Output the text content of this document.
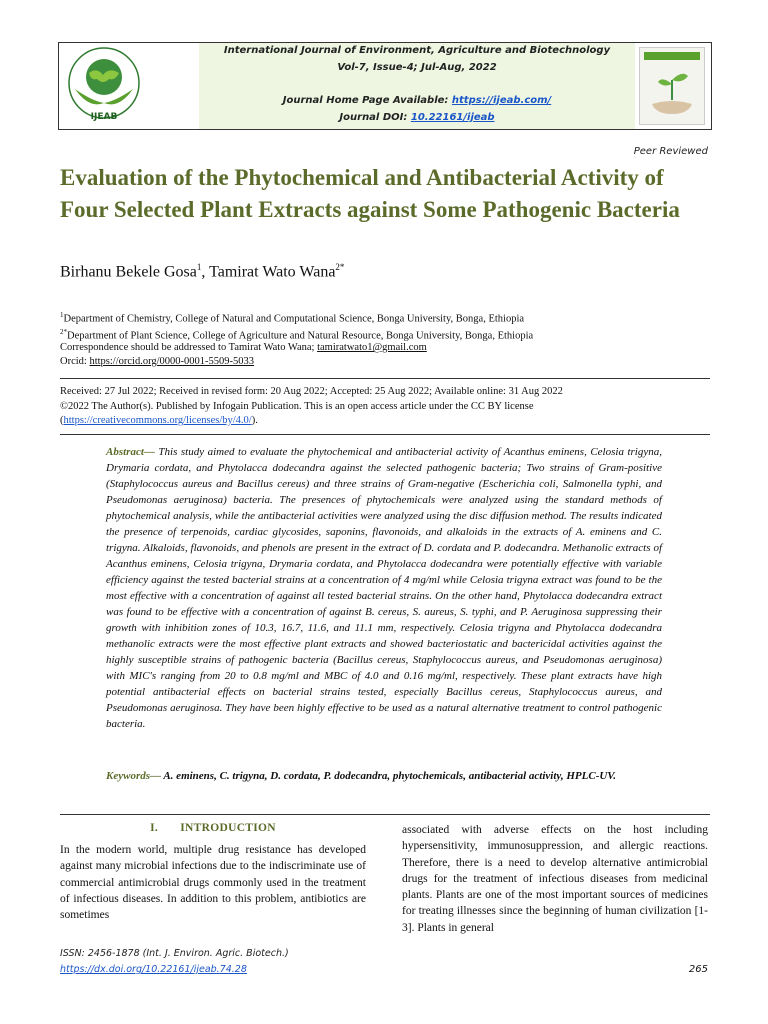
IJEAB
International Journal of Environment, Agriculture and Biotechnology
Vol-7, Issue-4; Jul-Aug, 2022
Journal Home Page Available: https://ijeab.com/
Journal DOI: 10.22161/ijeab
Peer Reviewed
Evaluation of the Phytochemical and Antibacterial Activity of Four Selected Plant Extracts against Some Pathogenic Bacteria
Birhanu Bekele Gosa$^1$, Tamirat Wato Wana$^{2*}$
$^1$Department of Chemistry, College of Natural and Computational Science, Bonga University, Bonga, Ethiopia
$^{2*}$Department of Plant Science, College of Agriculture and Natural Resource, Bonga University, Bonga, Ethiopia
Correspondence should be addressed to Tamirat Wato Wana; tamiratwato1@gmail.com
Orcid: https://orcid.org/0000-0001-5509-5033
Received: 27 Jul 2022; Received in revised form: 20 Aug 2022; Accepted: 25 Aug 2022; Available online: 31 Aug 2022
©2022 The Author(s). Published by Infogain Publication. This is an open access article under the CC BY license
(https://creativecommons.org/licenses/by/4.0/).
Abstract— This study aimed to evaluate the phytochemical and antibacterial activity of Acanthus eminens, Celosia trigyna, Drymaria cordata, and Phytolacca dodecandra against the selected pathogenic bacteria; Two strains of Gram-positive (Staphylococcus aureus and Bacillus cereus) and three strains of Gram-negative (Escherichia coli, Salmonella typhi, and Pseudomonas aeruginosa) bacteria. The presences of phytochemicals were analyzed using the standard methods of phytochemical analysis, while the antibacterial activities were analyzed using the disc diffusion method. The results indicated the presence of terpenoids, cardiac glycosides, saponins, flavonoids, and alkaloids in the extracts of A. eminens and C. trigyna. Alkaloids, flavonoids, and phenols are present in the extract of D. cordata and P. dodecandra. Methanolic extracts of Acanthus eminens, Celosia trigyna, Drymaria cordata, and Phytolacca dodecandra were potentially effective with variable efficiency against the tested bacterial strains at a concentration of 4 mg/ml while Celosia trigyna extract was found to be the most effective with a concentration of against all tested bacterial strains. On the other hand, Phytolacca dodecandra extract was found to be effective with a concentration of against B. cereus, S. aureus, S. typhi, and P. Aeruginosa suppressing their growth with inhibition zones of 10.3, 16.7, 11.6, and 11.1 mm, respectively. Celosia trigyna and Phytolacca dodecandra methanolic extracts were the most effective plant extracts and showed bacteriostatic and bactericidal activities against the highly susceptible strains of pathogenic bacteria (Bacillus cereus, Staphylococcus aureus, and Pseudomonas aeruginosa) with MIC's ranging from 20 to 0.8 mg/ml and MBC of 4.0 and 0.16 mg/ml, respectively. These plant extracts have high potential antibacterial effects on bacterial strains tested, especially Bacillus cereus, Staphylococcus aureus, and Pseudomonas aeruginosa. They have been highly effective to be used as a natural alternative treatment to control pathogenic bacteria.
Keywords— A. eminens, C. trigyna, D. cordata, P. dodecandra, phytochemicals, antibacterial activity, HPLC-UV.
I. INTRODUCTION
In the modern world, multiple drug resistance has developed against many microbial infections due to the indiscriminate use of commercial antimicrobial drugs commonly used in the treatment of infectious diseases. In addition to this problem, antibiotics are sometimes
associated with adverse effects on the host including hypersensitivity, immunosuppression, and allergic reactions. Therefore, there is a need to develop alternative antimicrobial drugs for the treatment of infectious diseases from medicinal plants. Plants are one of the most important sources of medicines for treating illnesses since the beginning of human civilization [1-3]. Plants in general
ISSN: 2456-1878 (Int. J. Environ. Agric. Biotech.)
https://dx.doi.org/10.22161/ijeab.74.28	265
